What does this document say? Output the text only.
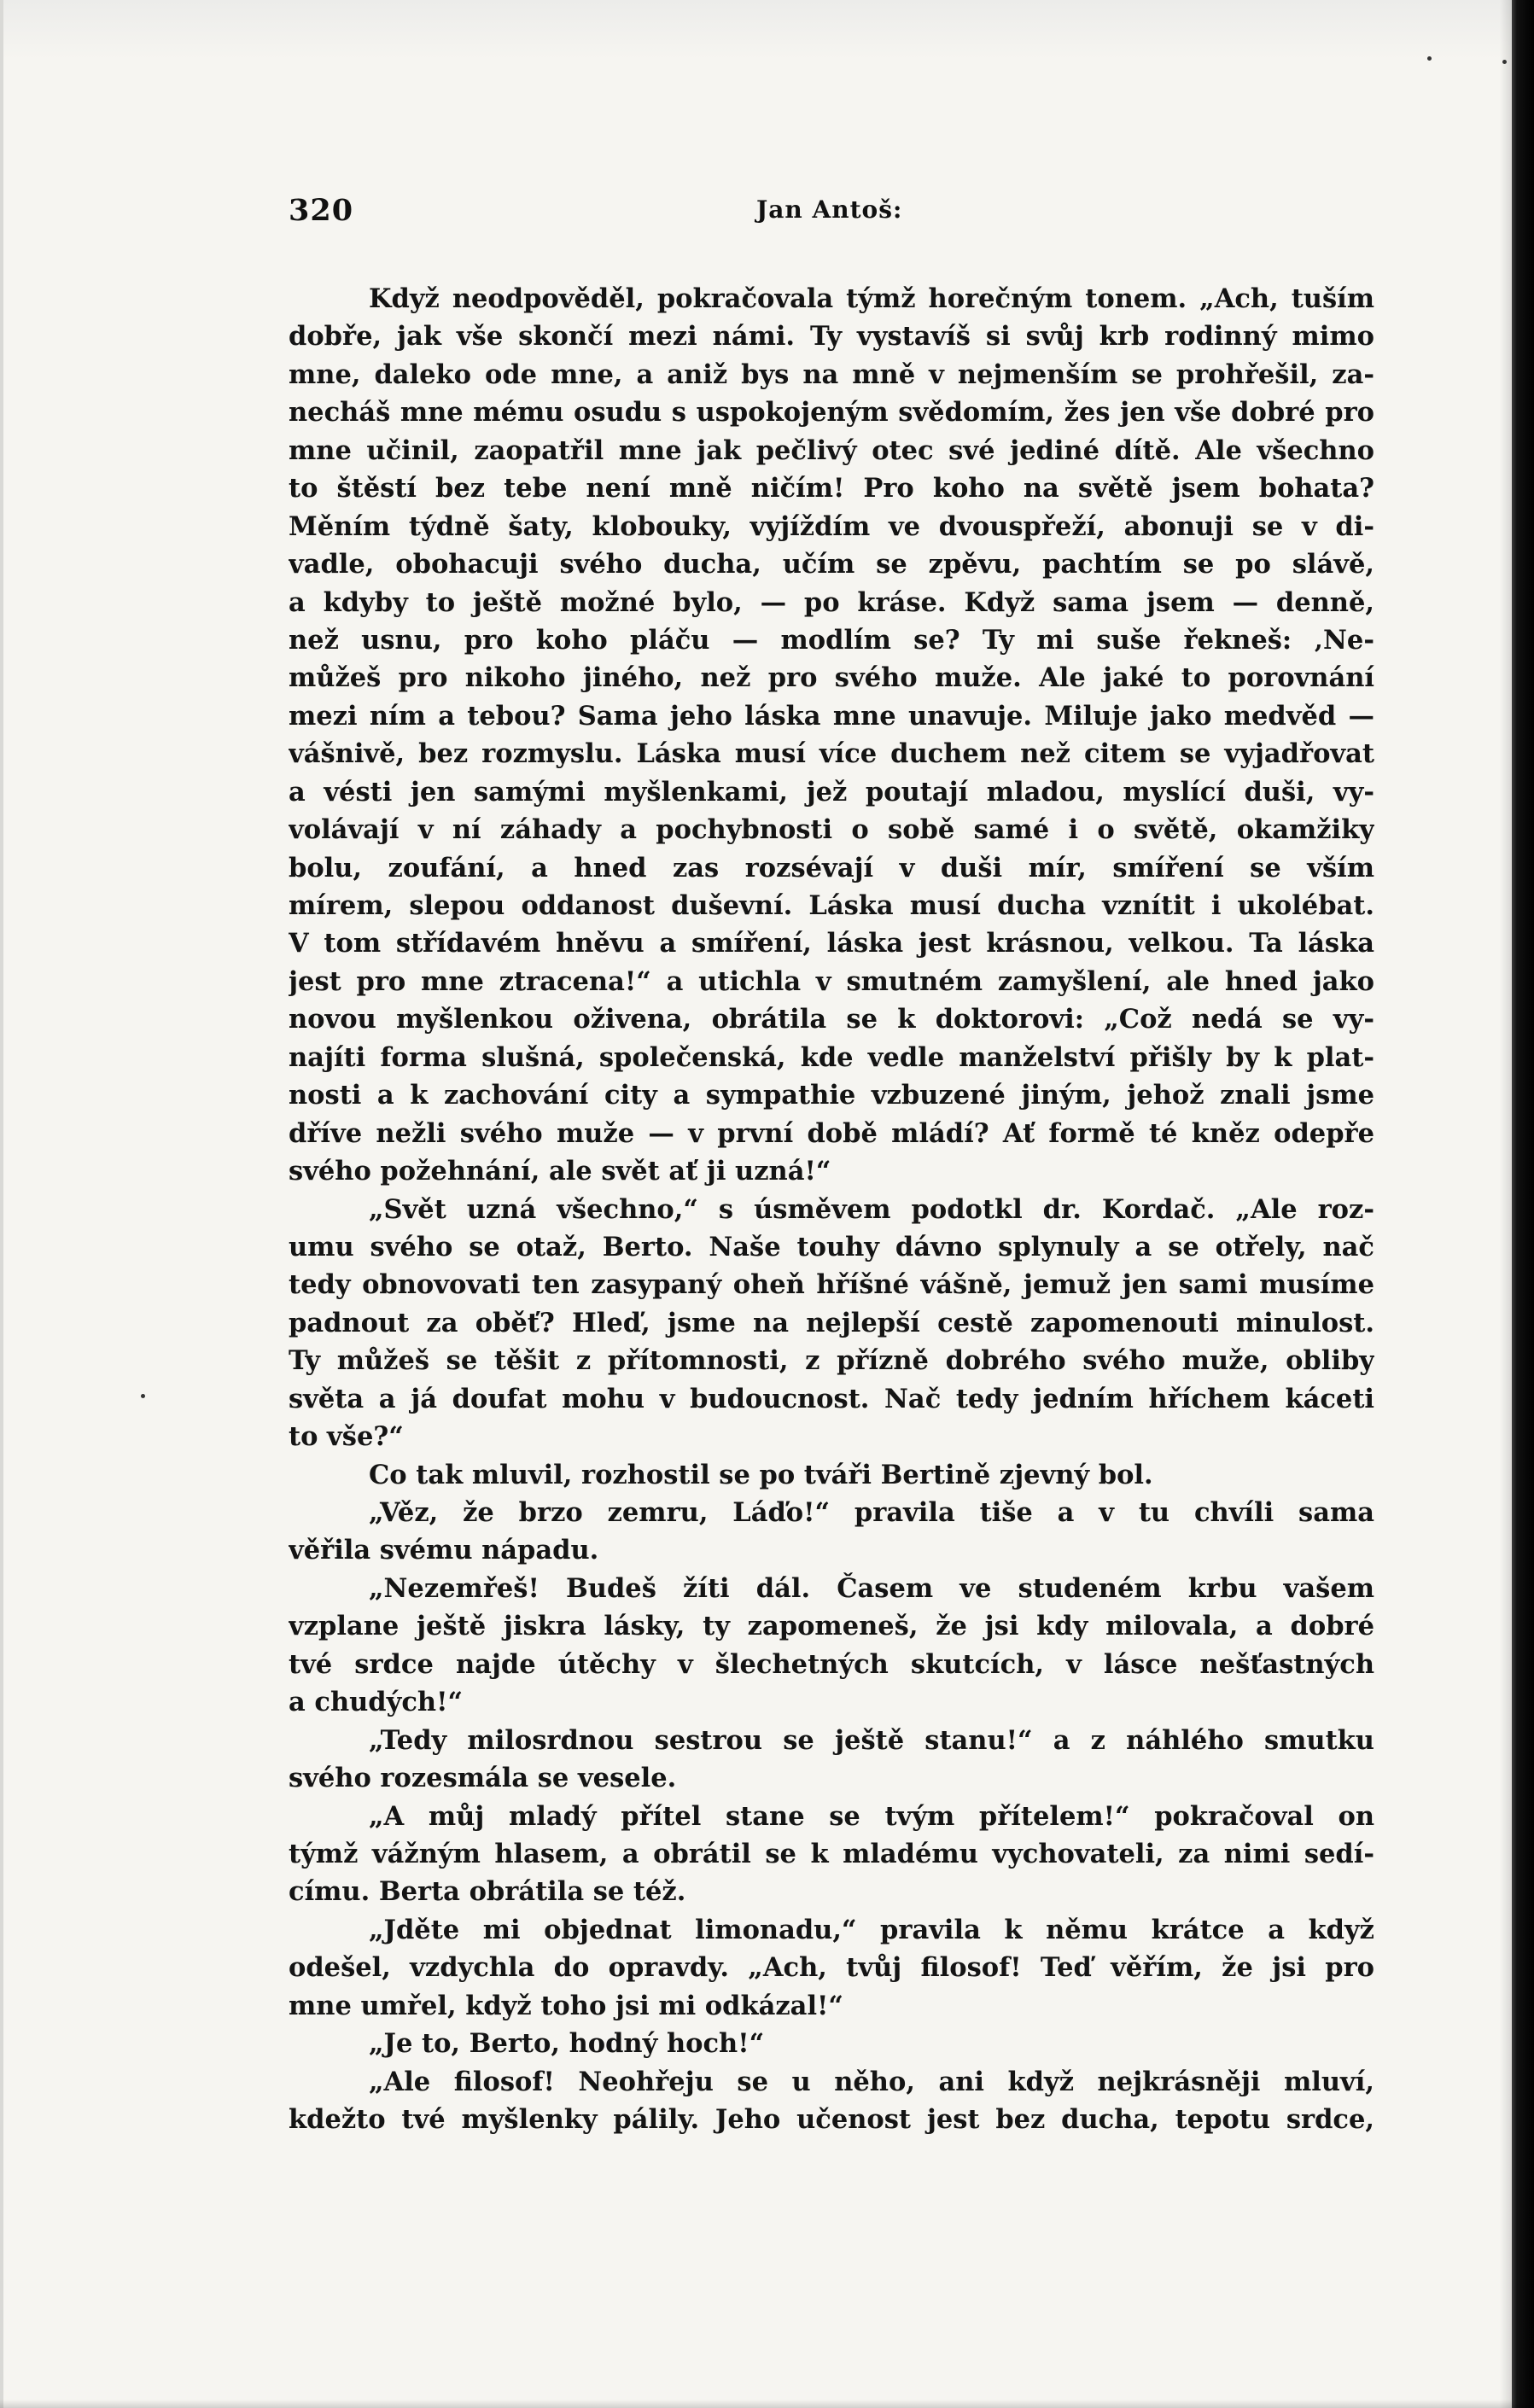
320	Jan Antoš:
Když neodpověděl, pokračovala týmž horečným tonem. „Ach, tuším
dobře, jak vše skončí mezi námi. Ty vystavíš si svůj krb rodinný mimo
mne, daleko ode mne, a aniž bys na mně v nejmenším se prohřešil, za-
necháš mne mému osudu s uspokojeným svědomím, žes jen vše dobré pro
mne učinil, zaopatřil mne jak pečlivý otec své jediné dítě. Ale všechno
to štěstí bez tebe není mně ničím! Pro koho na světě jsem bohata?
Měním týdně šaty, klobouky, vyjíždím ve dvouspřeží, abonuji se v di-
vadle, obohacuji svého ducha, učím se zpěvu, pachtím se po slávě,
a kdyby to ještě možné bylo, — po kráse. Když sama jsem — denně,
než usnu, pro koho pláču — modlím se? Ty mi suše řekneš: ‚Ne-
můžeš pro nikoho jiného, než pro svého muže. Ale jaké to porovnání
mezi ním a tebou? Sama jeho láska mne unavuje. Miluje jako medvěd —
vášnivě, bez rozmyslu. Láska musí více duchem než citem se vyjadřovat
a vésti jen samými myšlenkami, jež poutají mladou, myslící duši, vy-
volávají v ní záhady a pochybnosti o sobě samé i o světě, okamžiky
bolu, zoufání, a hned zas rozsévají v duši mír, smíření se vším
mírem, slepou oddanost duševní. Láska musí ducha vznítit i ukolébat.
V tom střídavém hněvu a smíření, láska jest krásnou, velkou. Ta láska
jest pro mne ztracena!“ a utichla v smutném zamyšlení, ale hned jako
novou myšlenkou oživena, obrátila se k doktorovi: „Což nedá se vy-
najíti forma slušná, společenská, kde vedle manželství přišly by k plat-
nosti a k zachování city a sympathie vzbuzené jiným, jehož znali jsme
dříve nežli svého muže — v první době mládí? Ať formě té kněz odepře
svého požehnání, ale svět ať ji uzná!“
„Svět uzná všechno,“ s úsměvem podotkl dr. Kordač. „Ale roz-
umu svého se otaž, Berto. Naše touhy dávno splynuly a se otřely, nač
tedy obnovovati ten zasypaný oheň hříšné vášně, jemuž jen sami musíme
padnout za oběť? Hleď, jsme na nejlepší cestě zapomenouti minulost.
Ty můžeš se těšit z přítomnosti, z přízně dobrého svého muže, obliby
světa a já doufat mohu v budoucnost. Nač tedy jedním hříchem káceti
to vše?“
Co tak mluvil, rozhostil se po tváři Bertině zjevný bol.
„Věz, že brzo zemru, Láďo!“ pravila tiše a v tu chvíli sama
věřila svému nápadu.
„Nezemřeš! Budeš žíti dál. Časem ve studeném krbu vašem
vzplane ještě jiskra lásky, ty zapomeneš, že jsi kdy milovala, a dobré
tvé srdce najde útěchy v šlechetných skutcích, v lásce nešťastných
a chudých!“
„Tedy milosrdnou sestrou se ještě stanu!“ a z náhlého smutku
svého rozesmála se vesele.
„A můj mladý přítel stane se tvým přítelem!“ pokračoval on
týmž vážným hlasem, a obrátil se k mladému vychovateli, za nimi sedí-
címu. Berta obrátila se též.
„Jděte mi objednat limonadu,“ pravila k němu krátce a když
odešel, vzdychla do opravdy. „Ach, tvůj filosof! Teď věřím, že jsi pro
mne umřel, když toho jsi mi odkázal!“
„Je to, Berto, hodný hoch!“
„Ale filosof! Neohřeju se u něho, ani když nejkrásněji mluví,
kdežto tvé myšlenky pálily. Jeho učenost jest bez ducha, tepotu srdce,
